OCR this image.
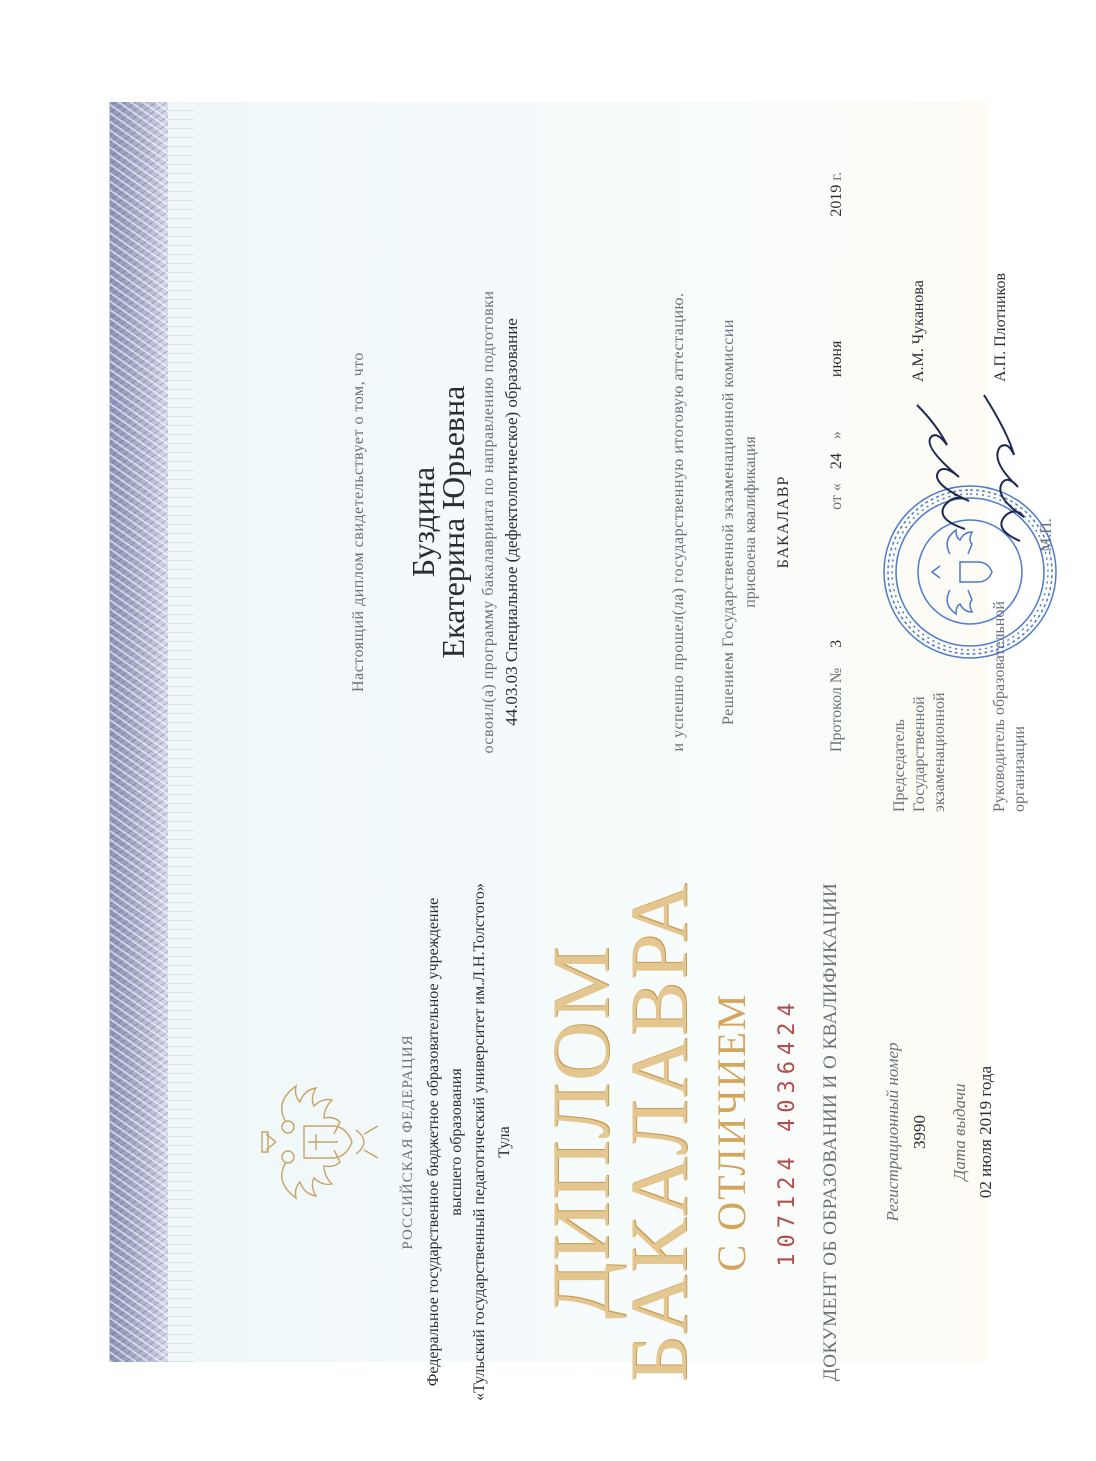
РОССИЙСКАЯ ФЕДЕРАЦИЯ Федеральное государственное бюджетное образовательное учреждение высшего образования «Тульский государственный педагогический университет им.Л.Н.Толстого» Тула ДИПЛОМ
БАКАЛАВРА С ОТЛИЧИЕМ 107124 4036424 ДОКУМЕНТ ОБ ОБРАЗОВАНИИ И О КВАЛИФИКАЦИИ Регистрационный номер 3990 Дата выдачи 02 июля 2019 года
Настоящий диплом свидетельствует о том, что Буздина
Екатерина Юрьевна освоил(а) программу бакалавриата по направлению подготовки 44.03.03 Специальное (дефектологическое) образование	и успешно прошел(ла) государственную итоговую аттестацию. Решением Государственной экзаменационной комиссии присвоена квалификация БАКАЛАВР
Протокол № 3 от « 24 » июня 2019 г.
Председатель Государственной экзаменационной
А.М. Чуканова
Руководитель образовательной организации
А.П. Плотников
М.П.
